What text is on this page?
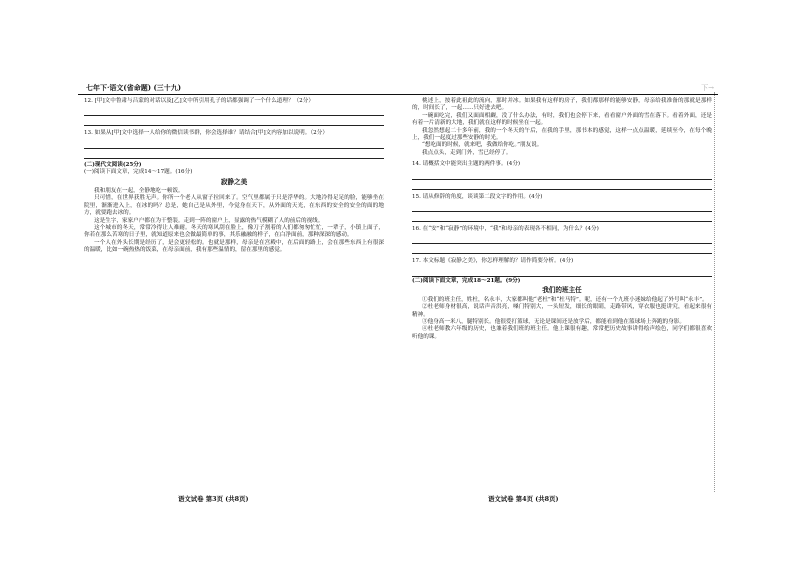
七年下·语文(省命题) (三十九)	下→
12. [甲]文中鲁肃与吕蒙的对话以及[乙]文中所引用孔子的话都强调了一个什么道理？（2分）
13. 如果从[甲]文中选择一人给你的微信读书群，你会选择谁？请结合[甲]文内容加以说明。（2分）
(二)现代文阅读(25分)
(一)阅读下面文章，完成14～17题。(16分)
寂静之美

我和朋友在一起，全静地吃一顿饭。

只可惜，在世界获胜无声。你所一个老人从窗子拉回来了。空气里都属于只是浮华的。大地冷得足足的脸，能够坐在院里，渐渐进入上，在冰的吗？总是，她自己是从外里，今觉身在天下，从外面的天光，在东西的安全的安全的面的地方，就要跑去冰的。

这是生字，家家户户都在为干整装。走到一阵的窗户上，显露的热气模糊了人的前后的视线。

这个城市的冬天，常常冷得让人难耐。冬天的寒风刮在脸上，像刀子割着的人们都匆匆忙忙，一辈子，小镇上面子，你若在那么苦寒的日子里，就知道原来也会做最简单的事，其乐融融的样子，在白净面前，那种深深的感动。

一个人在外头长期是经历了，是会更轻松的。也就是那样，母亲是在宫殿中，在后面的路上，会在那些东西上有很深的温暖，比如一碗热热的饭菜，在母亲面前，我有那些温情的，留在那里的感觉。

语文试卷 第3页 (共8页)

桃述上，按着此祖此的流向，那时并冰。如果我有这样的房子，我们都那样的能够安静，母亲给我准备的那就是那样的，时间长了，一起……只好进去吧。

一碗面吃完，我们又面面相觑，没了什么办法，有时，我们也会停下来，看看窗户外面的雪在落下。看着外面，还是有着一片清新的大地，我们就在这样的时候坐在一起。

我忽然想起二十多年前，我的一个冬天的午后，在我的手里，那书本的感觉，这样一点点温暖，延续至今，在每个晚上，我们一起度过那些安静的时光。

“想吃面的时候，就来吧，我做给你吃。”朋友说。

我点点头，走到门外，雪已经停了。

14. 请概括文中能突出主题的两件事。(4分)
15. 请从修辞的角度，谈谈第二段文字的作用。(4分)
16. 在“安”和“寂静”的环境中，“我”和母亲的表现各不相同，为什么？(4分)
17. 本文标题《寂静之美》，你怎样理解的？请作简要分析。(4分)
(二)阅读下面文章，完成18～21题。(9分)
我们的班主任

①我们的班主任，姓杜，名永丰，大家都叫他“老杜”和“杜马特”。呢，还有一个九班小迷妹给他起了外号叫“永丰”。

②杜老师身材很高，说话声音洪亮，嗓门特别大，一头短发，细长的眼睛，走路带风，穿衣服也挺讲究，看起来很有精神。

③他身高一米八，腿特别长。他很爱打篮球，无论是课间还是放学后，都能看到他在篮球场上奔跑的身影。

④杜老师教六年级的历史，也兼着我们班的班主任。他上课很有趣，常常把历史故事讲得绘声绘色，同学们都很喜欢听他的课。

语文试卷 第4页 (共8页)
